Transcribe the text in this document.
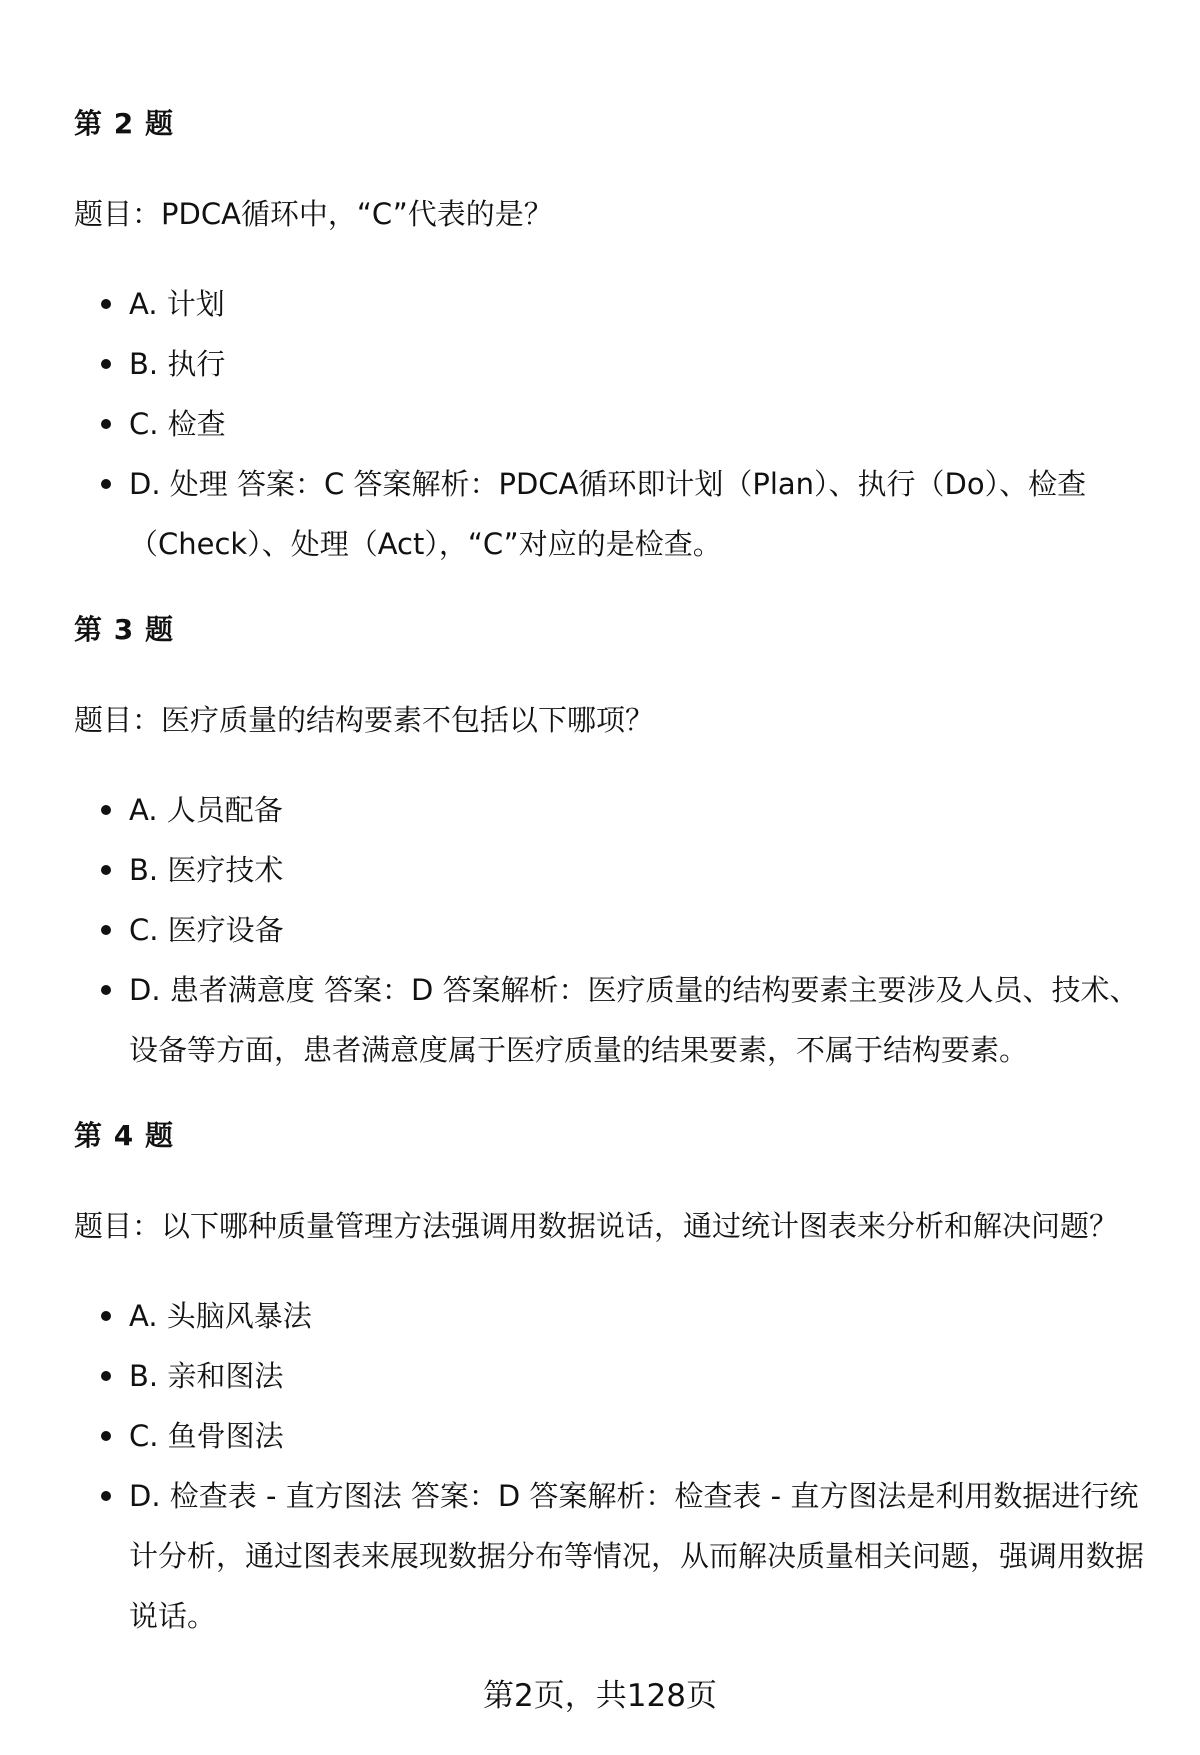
第 2 题

题目：PDCA循环中，“C”代表的是？

A. 计划
B. 执行
C. 检查
D. 处理 答案：C 答案解析：PDCA循环即计划（Plan）、执行（Do）、检查（Check）、处理（Act），“C”对应的是检查。
第 3 题

题目：医疗质量的结构要素不包括以下哪项？

A. 人员配备
B. 医疗技术
C. 医疗设备
D. 患者满意度 答案：D 答案解析：医疗质量的结构要素主要涉及人员、技术、设备等方面，患者满意度属于医疗质量的结果要素，不属于结构要素。
第 4 题

题目：以下哪种质量管理方法强调用数据说话，通过统计图表来分析和解决问题？

A. 头脑风暴法
B. 亲和图法
C. 鱼骨图法
D. 检查表 - 直方图法 答案：D 答案解析：检查表 - 直方图法是利用数据进行统计分析，通过图表来展现数据分布等情况，从而解决质量相关问题，强调用数据说话。
第2页，共128页
